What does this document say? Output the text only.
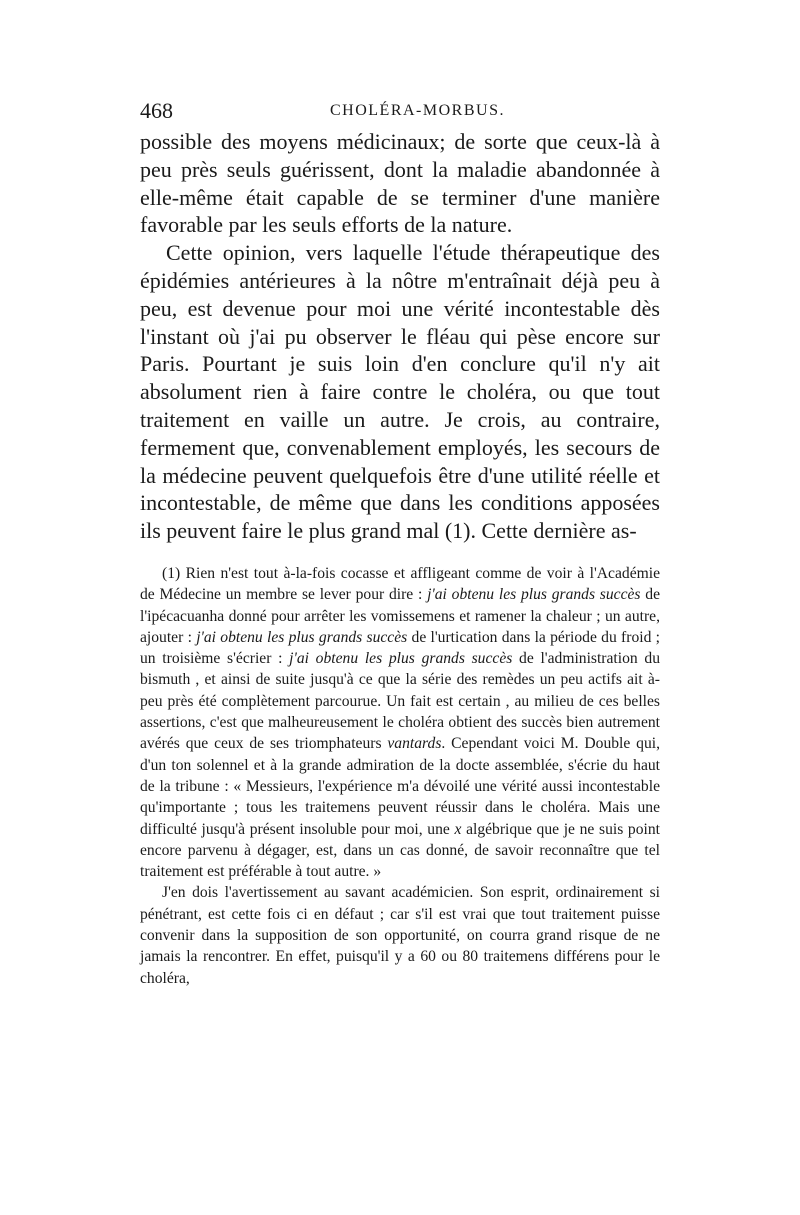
468	CHOLÉRA-MORBUS.

possible des moyens médicinaux; de sorte que ceux-là à peu près seuls guérissent, dont la maladie abandonnée à elle-même était capable de se terminer d'une manière favorable par les seuls efforts de la nature.

Cette opinion, vers laquelle l'étude thérapeutique des épidémies antérieures à la nôtre m'entraînait déjà peu à peu, est devenue pour moi une vérité incontestable dès l'instant où j'ai pu observer le fléau qui pèse encore sur Paris. Pourtant je suis loin d'en conclure qu'il n'y ait absolument rien à faire contre le choléra, ou que tout traitement en vaille un autre. Je crois, au contraire, fermement que, convenablement employés, les secours de la médecine peuvent quelquefois être d'une utilité réelle et incontestable, de même que dans les conditions apposées ils peuvent faire le plus grand mal (1). Cette dernière as-

(1) Rien n'est tout à-la-fois cocasse et affligeant comme de voir à l'Académie de Médecine un membre se lever pour dire : j'ai obtenu les plus grands succès de l'ipécacuanha donné pour arrêter les vomissemens et ramener la chaleur ; un autre, ajouter : j'ai obtenu les plus grands succès de l'urtication dans la période du froid ; un troisième s'écrier : j'ai obtenu les plus grands succès de l'administration du bismuth , et ainsi de suite jusqu'à ce que la série des remèdes un peu actifs ait à-peu près été complètement parcourue. Un fait est certain , au milieu de ces belles assertions, c'est que malheureusement le choléra obtient des succès bien autrement avérés que ceux de ses triomphateurs vantards. Cependant voici M. Double qui, d'un ton solennel et à la grande admiration de la docte assemblée, s'écrie du haut de la tribune : « Messieurs, l'expérience m'a dévoilé une vérité aussi incontestable qu'importante ; tous les traitemens peuvent réussir dans le choléra. Mais une difficulté jusqu'à présent insoluble pour moi, une x algébrique que je ne suis point encore parvenu à dégager, est, dans un cas donné, de savoir reconnaître que tel traitement est préférable à tout autre. »

J'en dois l'avertissement au savant académicien. Son esprit, ordinairement si pénétrant, est cette fois ci en défaut ; car s'il est vrai que tout traitement puisse convenir dans la supposition de son opportunité, on courra grand risque de ne jamais la rencontrer. En effet, puisqu'il y a 60 ou 80 traitemens différens pour le choléra,
